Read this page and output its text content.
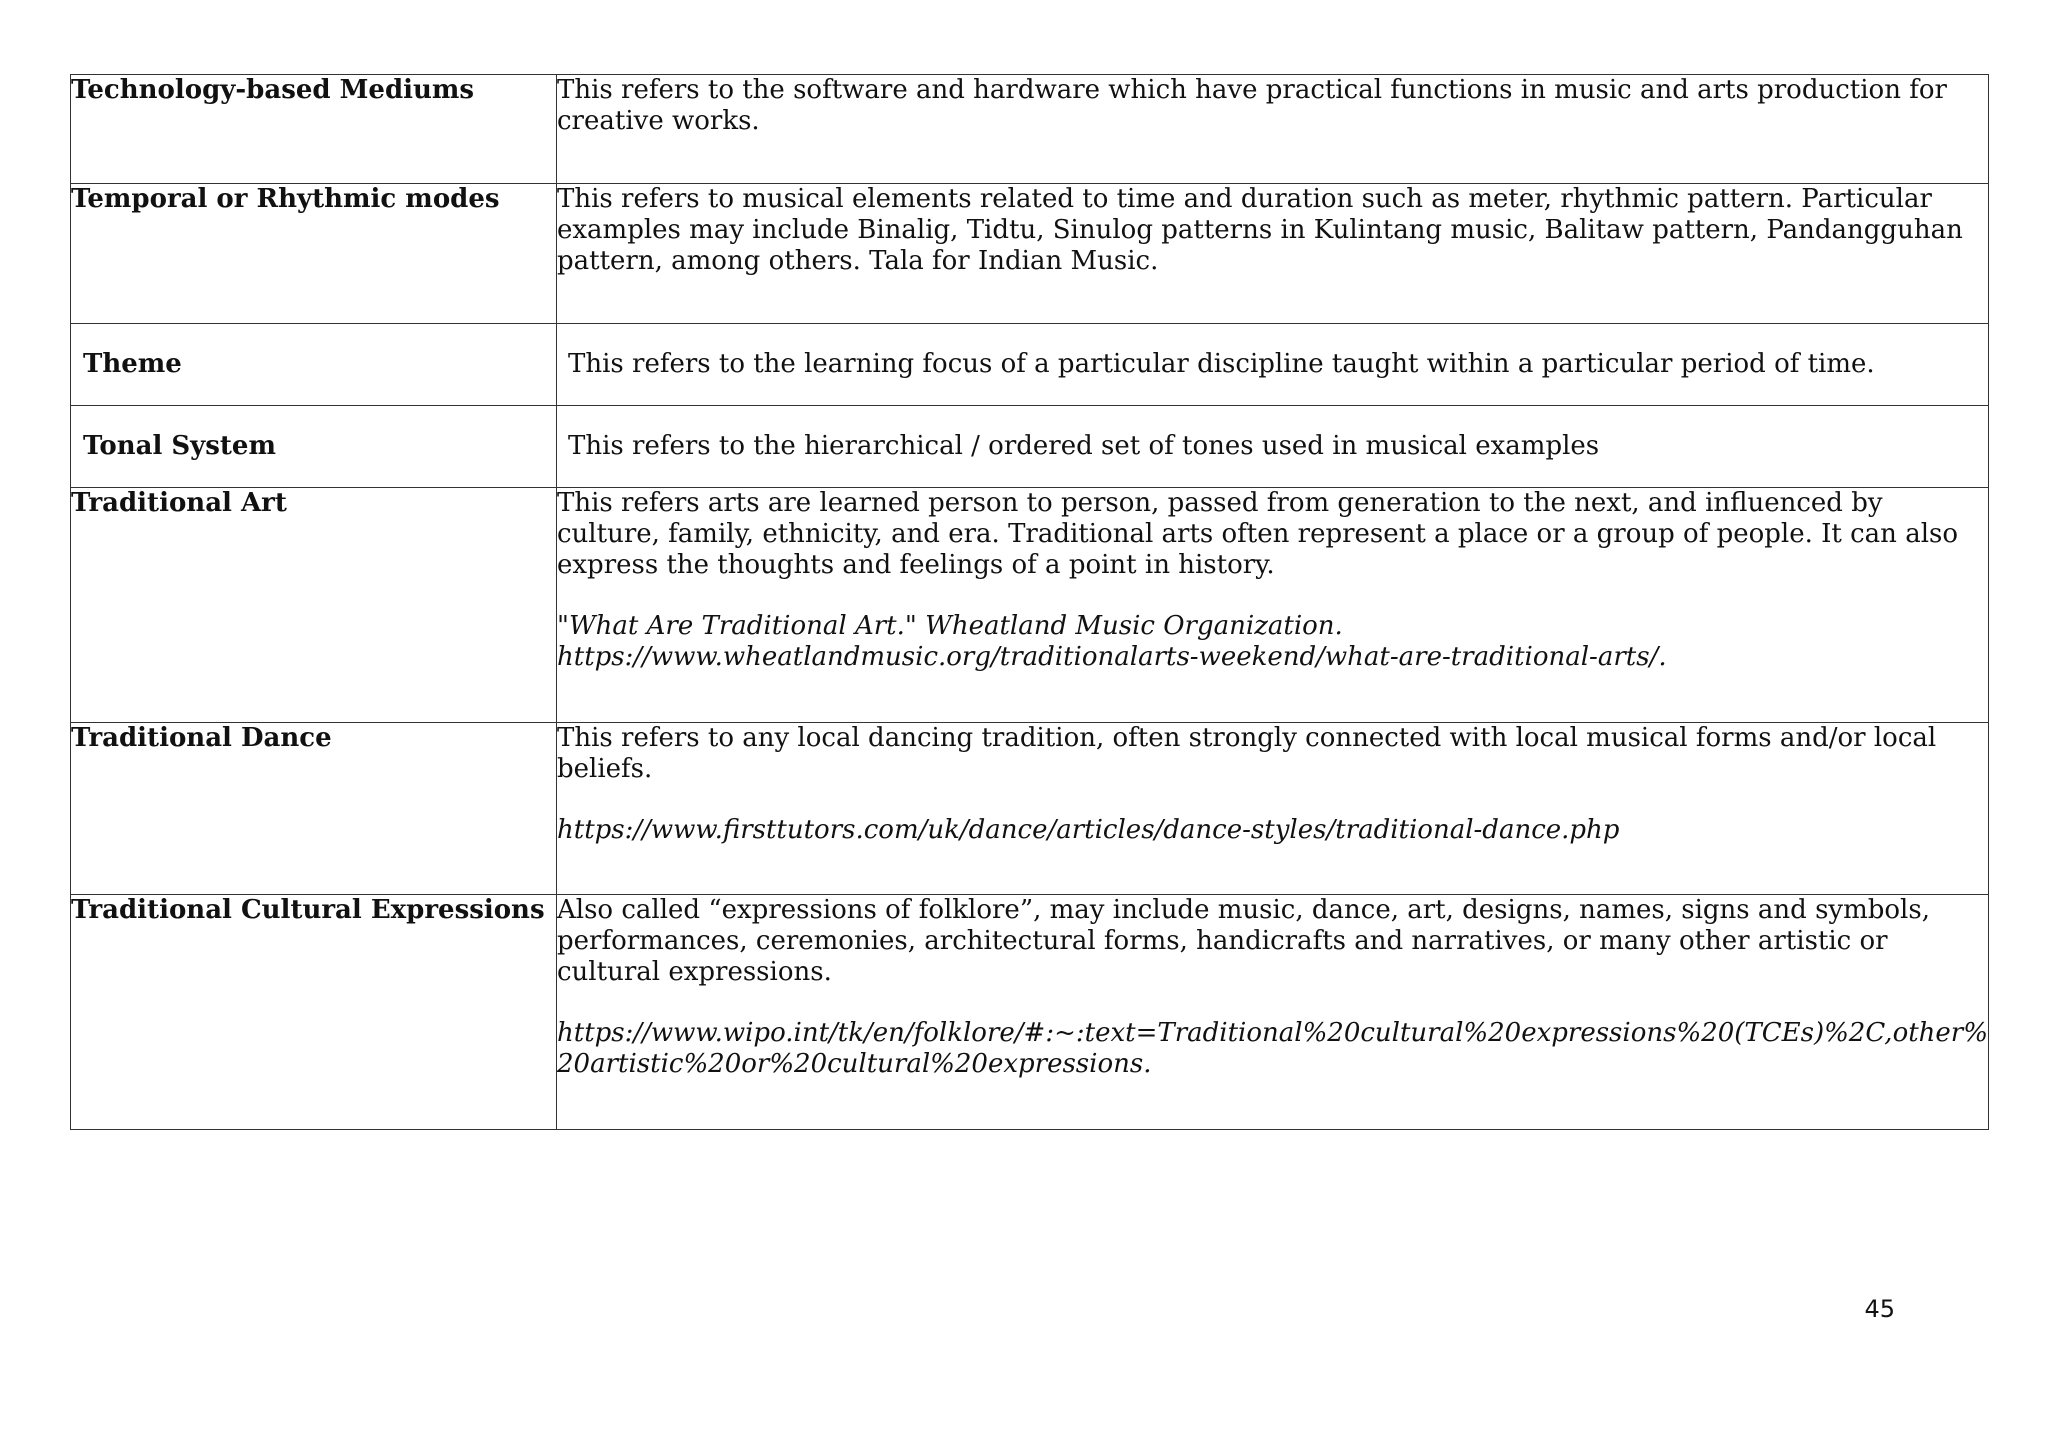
Technology-based Mediums	This refers to the software and hardware which have practical functions in music and arts production for creative works.

Temporal or Rhythmic modes	This refers to musical elements related to time and duration such as meter, rhythmic pattern. Particular examples may include Binalig, Tidtu, Sinulog patterns in Kulintang music, Balitaw pattern, Pandangguhan pattern, among others. Tala for Indian Music.

Theme	This refers to the learning focus of a particular discipline taught within a particular period of time.

Tonal System	This refers to the hierarchical / ordered set of tones used in musical examples

Traditional Art	This refers arts are learned person to person, passed from generation to the next, and influenced by culture, family, ethnicity, and era. Traditional arts often represent a place or a group of people. It can also express the thoughts and feelings of a point in history.

"What Are Traditional Art." Wheatland Music Organization. https://www.wheatlandmusic.org/traditionalarts-weekend/what-are-traditional-arts/.

Traditional Dance	This refers to any local dancing tradition, often strongly connected with local musical forms and/or local beliefs.

https://www.firsttutors.com/uk/dance/articles/dance-styles/traditional-dance.php

Traditional Cultural Expressions	Also called “expressions of folklore”, may include music, dance, art, designs, names, signs and symbols, performances, ceremonies, architectural forms, handicrafts and narratives, or many other artistic or cultural expressions.

https://www.wipo.int/tk/en/folklore/#:~:text=Traditional%20cultural%20expressions%20(TCEs)%2C,other%20artistic%20or%20cultural%20expressions.

45
